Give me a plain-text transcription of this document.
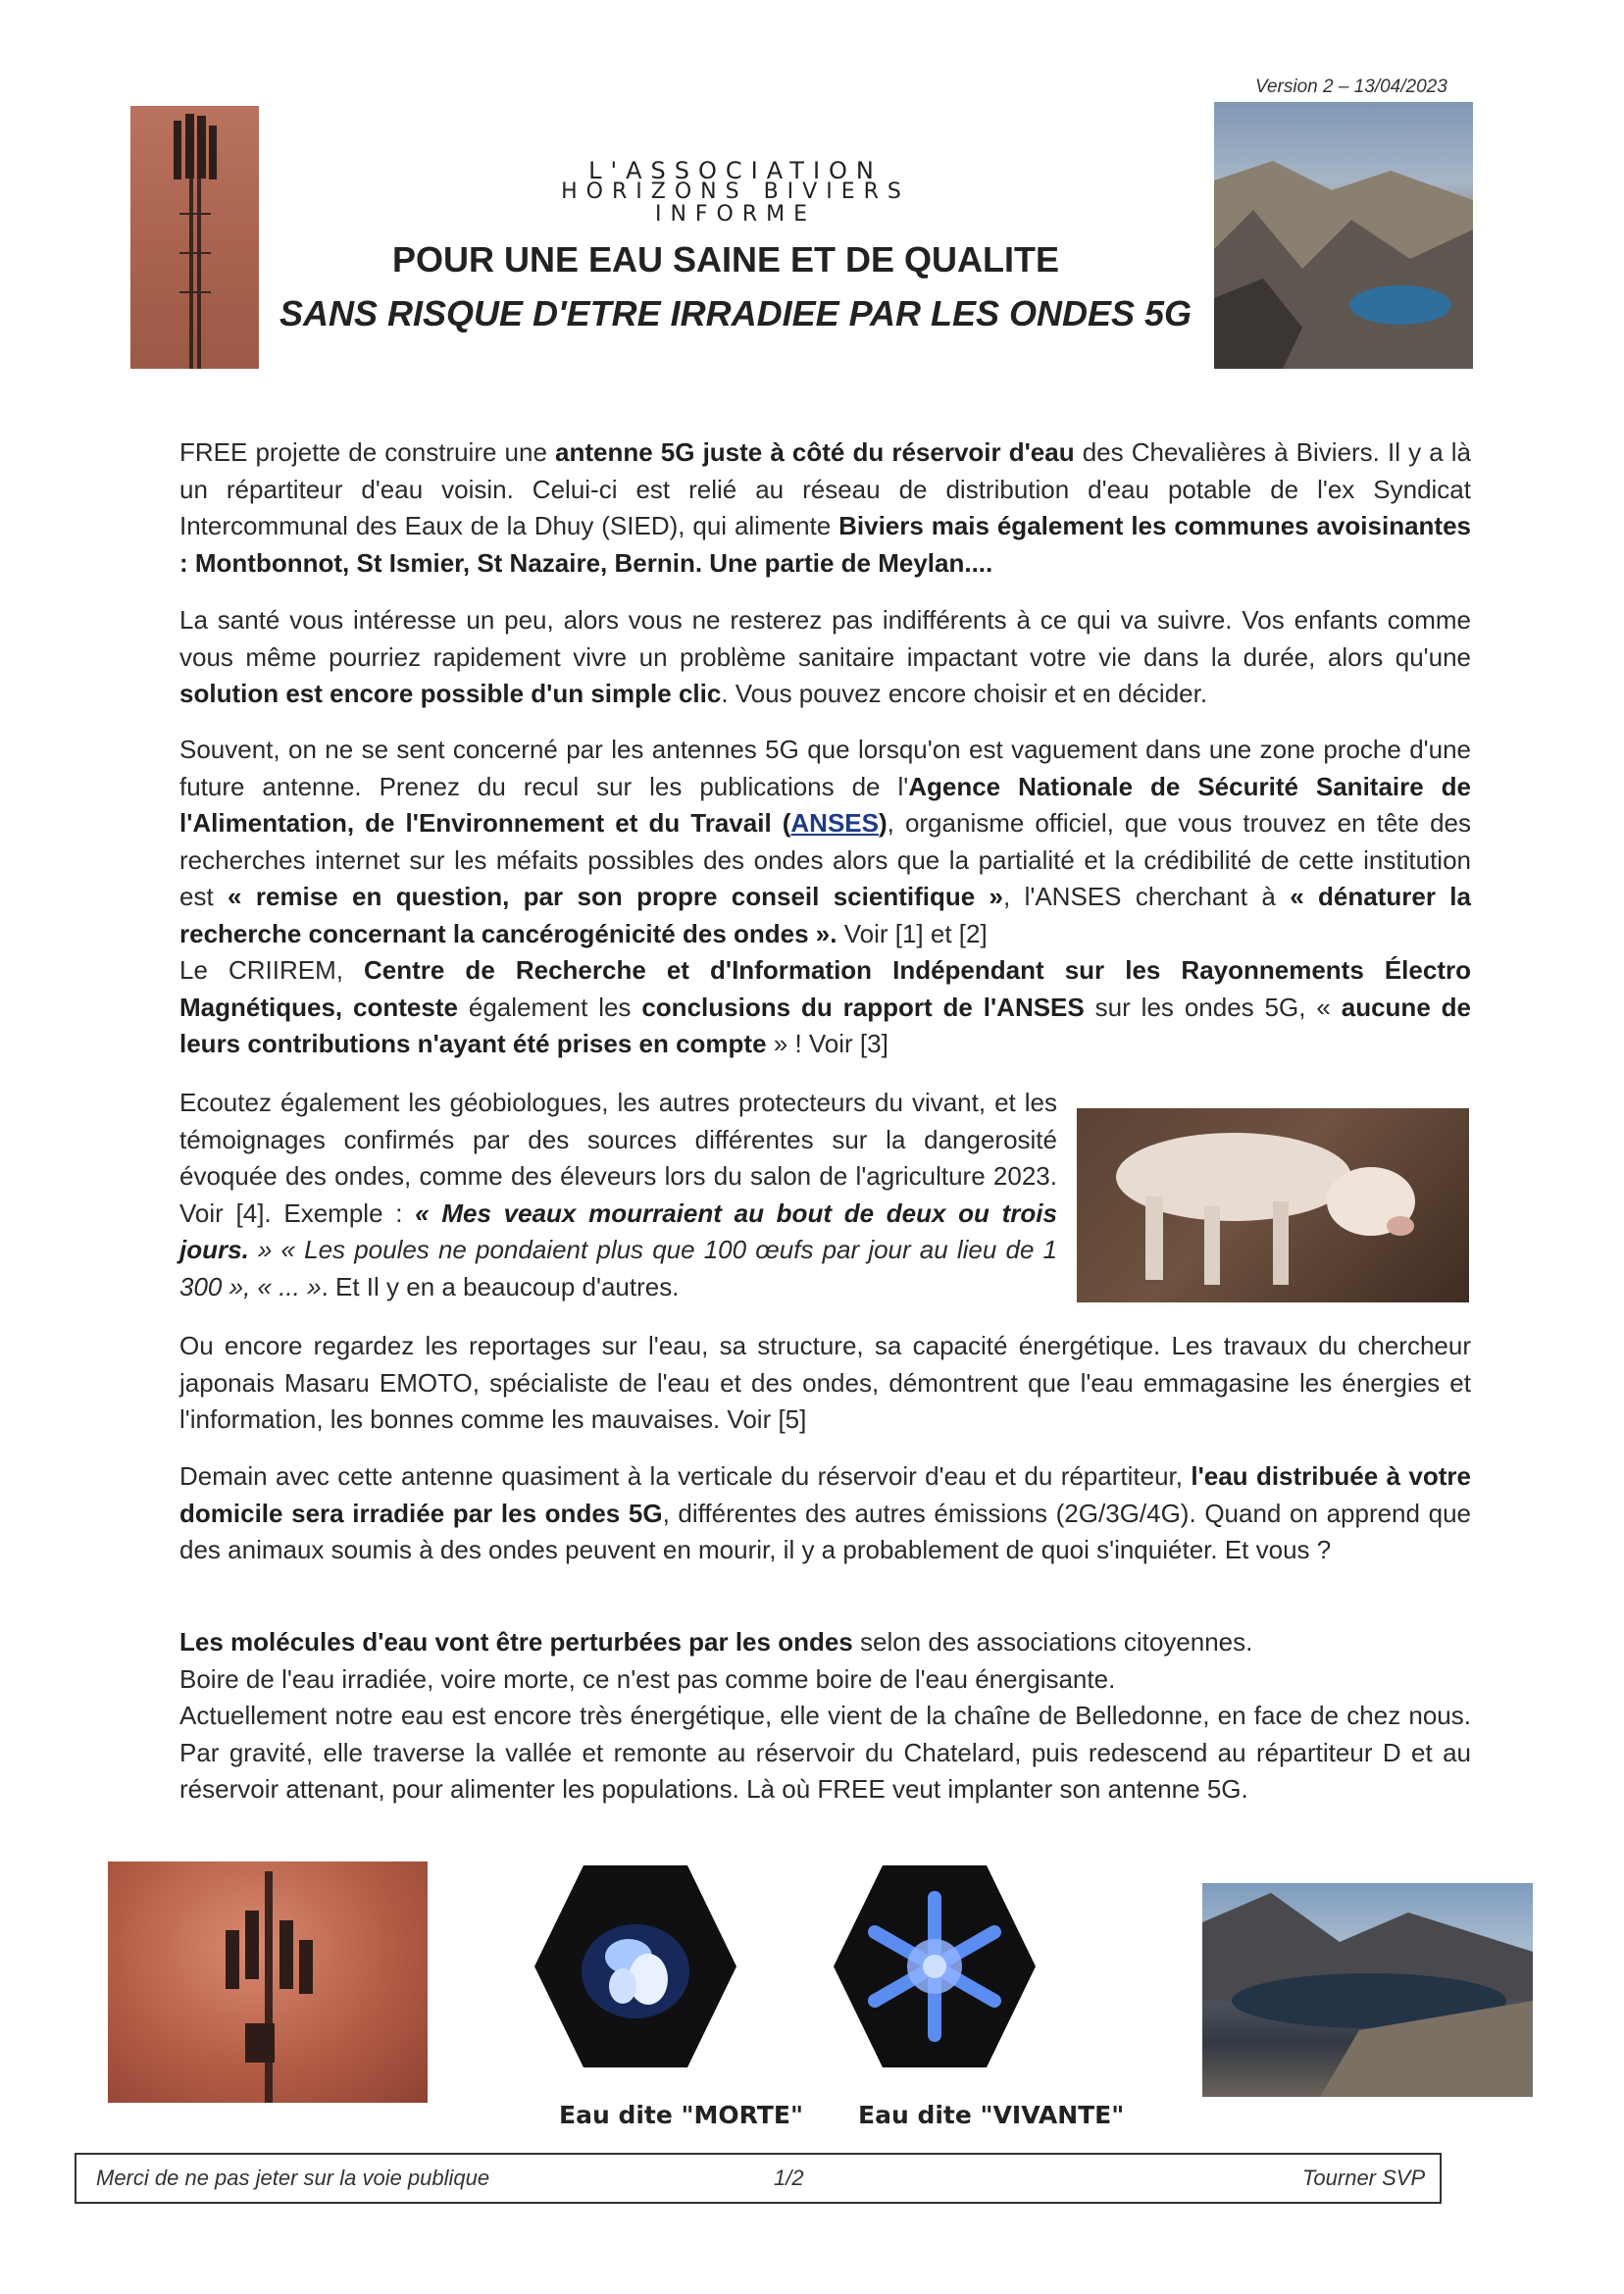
Version 2 – 13/04/2023
L'ASSOCIATION
HORIZONS BIVIERS
INFORME
POUR UNE EAU SAINE ET DE QUALITE
SANS RISQUE D'ETRE IRRADIEE PAR LES ONDES 5G
FREE projette de construire une antenne 5G juste à côté du réservoir d'eau des Chevalières à Biviers. Il y a là un répartiteur d'eau voisin. Celui-ci est relié au réseau de distribution d'eau potable de l'ex Syndicat Intercommunal des Eaux de la Dhuy (SIED), qui alimente Biviers mais également les communes avoisinantes : Montbonnot, St Ismier, St Nazaire, Bernin. Une partie de Meylan....
La santé vous intéresse un peu, alors vous ne resterez pas indifférents à ce qui va suivre. Vos enfants comme vous même pourriez rapidement vivre un problème sanitaire impactant votre vie dans la durée, alors qu'une solution est encore possible d'un simple clic. Vous pouvez encore choisir et en décider.
Souvent, on ne se sent concerné par les antennes 5G que lorsqu'on est vaguement dans une zone proche d'une future antenne. Prenez du recul sur les publications de l'Agence Nationale de Sécurité Sanitaire de l'Alimentation, de l'Environnement et du Travail (ANSES), organisme officiel, que vous trouvez en tête des recherches internet sur les méfaits possibles des ondes alors que la partialité et la crédibilité de cette institution est « remise en question, par son propre conseil scientifique », l'ANSES cherchant à « dénaturer la recherche concernant la cancérogénicité des ondes ». Voir [1] et [2]
Le CRIIREM, Centre de Recherche et d'Information Indépendant sur les Rayonnements Électro Magnétiques, conteste également les conclusions du rapport de l'ANSES sur les ondes 5G, « aucune de leurs contributions n'ayant été prises en compte » ! Voir [3]
Ecoutez également les géobiologues, les autres protecteurs du vivant, et les témoignages confirmés par des sources différentes sur la dangerosité évoquée des ondes, comme des éleveurs lors du salon de l'agriculture 2023. Voir [4]. Exemple : « Mes veaux mourraient au bout de deux ou trois jours. » « Les poules ne pondaient plus que 100 œufs par jour au lieu de 1 300 », « ... ». Et Il y en a beaucoup d'autres.
Ou encore regardez les reportages sur l'eau, sa structure, sa capacité énergétique. Les travaux du chercheur japonais Masaru EMOTO, spécialiste de l'eau et des ondes, démontrent que l'eau emmagasine les énergies et l'information, les bonnes comme les mauvaises. Voir [5]
Demain avec cette antenne quasiment à la verticale du réservoir d'eau et du répartiteur, l'eau distribuée à votre domicile sera irradiée par les ondes 5G, différentes des autres émissions (2G/3G/4G). Quand on apprend que des animaux soumis à des ondes peuvent en mourir, il y a probablement de quoi s'inquiéter. Et vous ?
Les molécules d'eau vont être perturbées par les ondes selon des associations citoyennes.
Boire de l'eau irradiée, voire morte, ce n'est pas comme boire de l'eau énergisante.
Actuellement notre eau est encore très énergétique, elle vient de la chaîne de Belledonne, en face de chez nous. Par gravité, elle traverse la vallée et remonte au réservoir du Chatelard, puis redescend au répartiteur D et au réservoir attenant, pour alimenter les populations. Là où FREE veut implanter son antenne 5G.
Eau dite "MORTE" Eau dite "VIVANTE"
Merci de ne pas jeter sur la voie publique	1/2	Tourner SVP
